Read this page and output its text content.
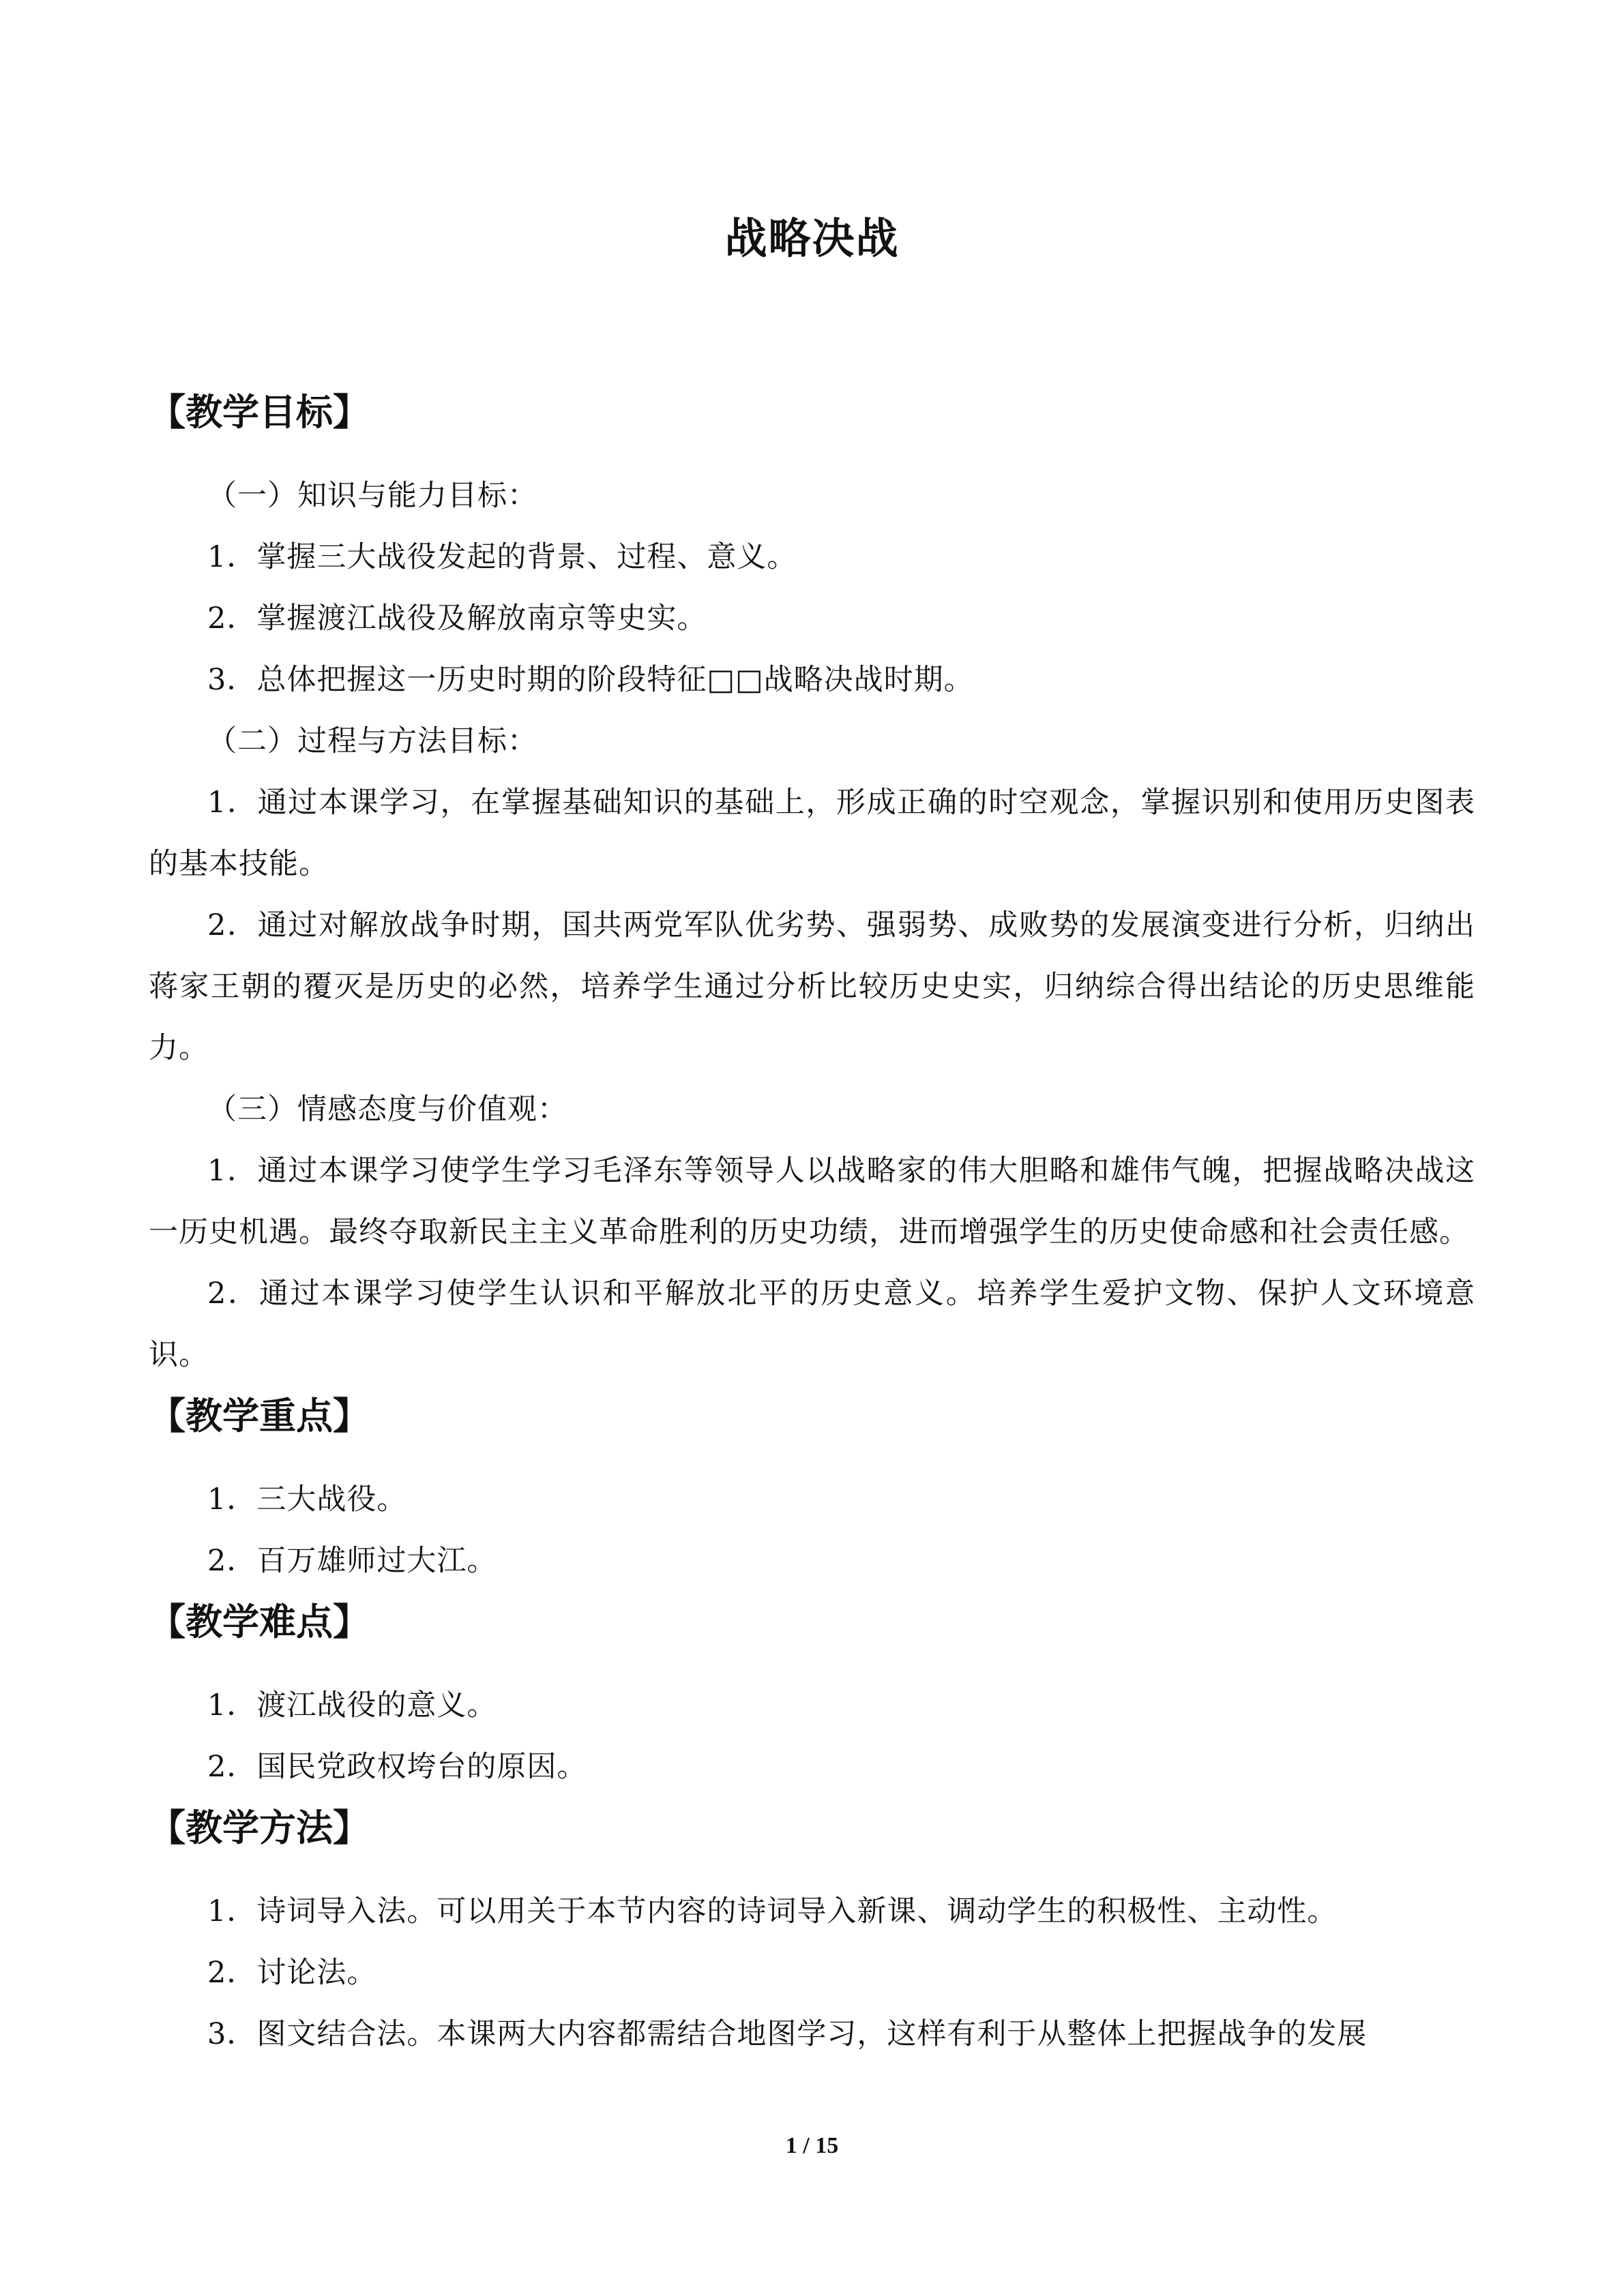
战略决战

【教学目标】

（一）知识与能力目标：

1．掌握三大战役发起的背景、过程、意义。

2．掌握渡江战役及解放南京等史实。

3．总体把握这一历史时期的阶段特征□□战略决战时期。

（二）过程与方法目标：

1．通过本课学习，在掌握基础知识的基础上，形成正确的时空观念，掌握识别和使用历史图表的基本技能。

2．通过对解放战争时期，国共两党军队优劣势、强弱势、成败势的发展演变进行分析，归纳出蒋家王朝的覆灭是历史的必然，培养学生通过分析比较历史史实，归纳综合得出结论的历史思维能力。

（三）情感态度与价值观：

1．通过本课学习使学生学习毛泽东等领导人以战略家的伟大胆略和雄伟气魄，把握战略决战这一历史机遇。最终夺取新民主主义革命胜利的历史功绩，进而增强学生的历史使命感和社会责任感。

2．通过本课学习使学生认识和平解放北平的历史意义。培养学生爱护文物、保护人文环境意识。

【教学重点】

1．三大战役。

2．百万雄师过大江。

【教学难点】

1．渡江战役的意义。

2．国民党政权垮台的原因。

【教学方法】

1．诗词导入法。可以用关于本节内容的诗词导入新课、调动学生的积极性、主动性。

2．讨论法。

3．图文结合法。本课两大内容都需结合地图学习，这样有利于从整体上把握战争的发展

1 / 15
